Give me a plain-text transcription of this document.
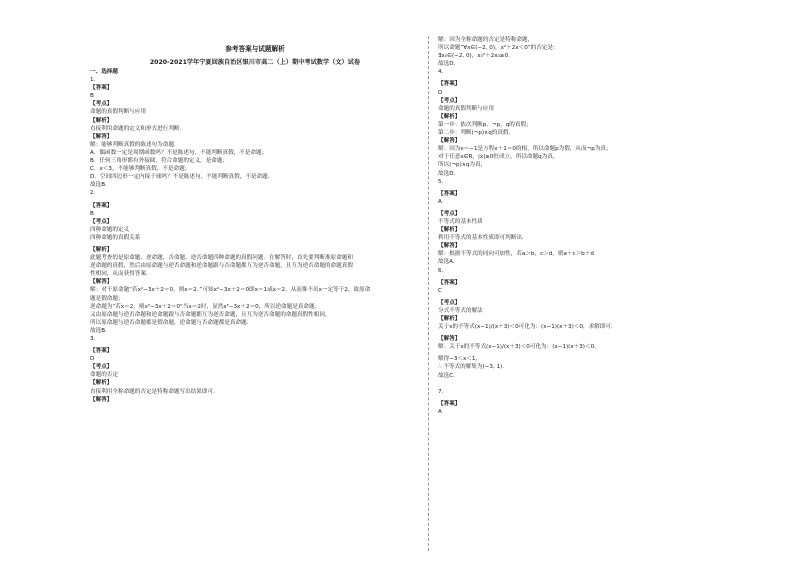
参考答案与试题解析
2020-2021学年宁夏回族自治区银川市高二（上）期中考试数学（文）试卷
一、选择题
1.
【答案】
B
【考点】
命题的真假判断与应用
【解析】
直接利用命题的定义和形式进行判断.
【解答】
解：能够判断真假的陈述句为命题.
A．偶函数一定是周期函数吗？不是陈述句，不能判断真假，不是命题；
B．任何三角形都有外接圆，符合命题的定义，是命题；
C．x＜3，不能够判断真假，不是命题；
D．空间四边形一定内接于球吗？不是陈述句，不能判断真假，不是命题.
故选B.
2.
【答案】
B
【考点】
四种命题的定义
四种命题的真假关系
【解析】
此题考查的是原命题、逆命题、否命题、逆否命题四种命题的真假问题．在解答时，首先要判断准原命题和
逆命题的真假，然后由原命题与逆否命题和逆命题跟与否命题都互为逆否命题，且互为逆否命题的命题真假
性相同，从而获得答案.
【解答】
解：对于原命题“若x²−3x＋2＝0，则x＝2．”可知x²−3x＋2＝0即x＝1或x＝2，从而推不出x一定等于2，故原命
题是假命题；
逆命题为“若x＝2，则x²−3x＋2＝0”当x＝2时，显然x²−3x＋2＝0，所以逆命题是真命题；
又由原命题与逆否命题和逆命题跟与否命题都互为逆否命题，且互为逆否命题的命题真假性相同，
所以原命题与逆否命题都是假命题，逆命题与否命题都是真命题.
故选B.
3.
【答案】
D
【考点】
命题的否定
【解析】
直接利用全称命题的否定是特称命题写出结果即可.
【解答】
解：因为全称命题的否定是特称命题，
所以命题“∀x∈(−2, 0)，x²＋2x＜0”的否定是：
∃x₀∈(−2, 0)，x₀²＋2x₀≥0.
故选D.
4.
【答案】
D
【考点】
命题的真假判断与应用
【解析】
第一步：依次判断p，¬p，q的真假；
第二步：判断(¬p)∧q的真假.
【解答】
解：因为x＝−1是方程x＋1＝0的根，所以命题p为假，从而¬p为真；
对于任意x∈R，|x|≥0恒成立，所以命题q为真，
所以(¬p)∧q为真，
故选D.
5.
【答案】
A
【考点】
不等式的基本性质
【解析】
利用不等式的基本性质即可判断出.
【解答】
解：根据不等式的同向可加性，若a＞b，c＞d，则a＋c＞b＋d
故选A.
6.
【答案】
C
【考点】
分式不等式的解法
【解析】
关于x的不等式(x−1)/(x＋3)＜0可化为：(x−1)(x＋3)＜0，求解即可.
【解答】
解：关于x的不等式(x−1)/(x＋3)＜0可化为：(x−1)(x＋3)＜0，
解得−3＜x＜1，
∴ 不等式的解集为(−3, 1).
故选C.
7.
【答案】
A
